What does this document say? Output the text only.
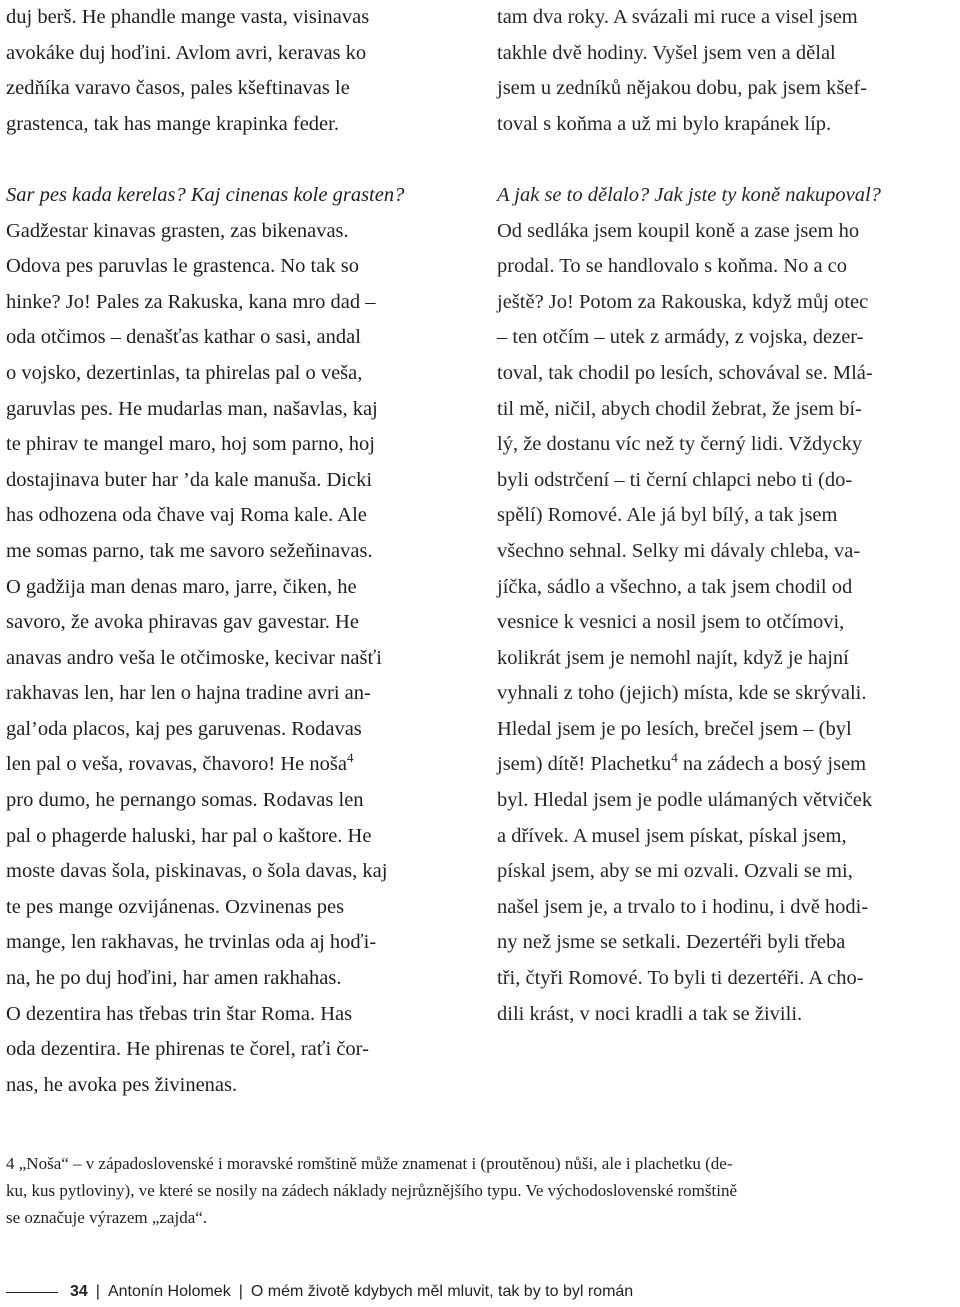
duj berš. He phandle mange vasta, visinavas

avokáke duj hoďini. Avlom avri, keravas ko

zedňíka varavo časos, pales kšeftinavas le

grastenca, tak has mange krapinka feder.

Sar pes kada kerelas? Kaj cinenas kole grasten?

Gadžestar kinavas grasten, zas bikenavas.

Odova pes paruvlas le grastenca. No tak so

hinke? Jo! Pales za Rakuska, kana mro dad –

oda otčimos – denašťas kathar o sasi, andal

o vojsko, dezertinlas, ta phirelas pal o veša,

garuvlas pes. He mudarlas man, našavlas, kaj

te phirav te mangel maro, hoj som parno, hoj

dostajinava buter har ’da kale manuša. Dicki

has odhozena oda čhave vaj Roma kale. Ale

me somas parno, tak me savoro sežeňinavas.

O gadžija man denas maro, jarre, čiken, he

savoro, že avoka phiravas gav gavestar. He

anavas andro veša le otčimoske, kecivar našťi

rakhavas len, har len o hajna tradine avri an-

gal’oda placos, kaj pes garuvenas. Rodavas

len pal o veša, rovavas, čhavoro! He noša$^4$

pro dumo, he pernango somas. Rodavas len

pal o phagerde haluski, har pal o kaštore. He

moste davas šola, piskinavas, o šola davas, kaj

te pes mange ozvijánenas. Ozvinenas pes

mange, len rakhavas, he trvinlas oda aj hoďi-

na, he po duj hoďini, har amen rakhahas.

O dezentira has třebas trin štar Roma. Has

oda dezentira. He phirenas te čorel, raťi čor-

nas, he avoka pes živinenas.

tam dva roky. A svázali mi ruce a visel jsem

takhle dvě hodiny. Vyšel jsem ven a dělal

jsem u zedníků nějakou dobu, pak jsem kšef-

toval s koňma a už mi bylo krapánek líp.

A jak se to dělalo? Jak jste ty koně nakupoval?

Od sedláka jsem koupil koně a zase jsem ho

prodal. To se handlovalo s koňma. No a co

ještě? Jo! Potom za Rakouska, když můj otec

– ten otčím – utek z armády, z vojska, dezer-

toval, tak chodil po lesích, schovával se. Mlá-

til mě, ničil, abych chodil žebrat, že jsem bí-

lý, že dostanu víc než ty černý lidi. Vždycky

byli odstrčení – ti černí chlapci nebo ti (do-

spělí) Romové. Ale já byl bílý, a tak jsem

všechno sehnal. Selky mi dávaly chleba, va-

jíčka, sádlo a všechno, a tak jsem chodil od

vesnice k vesnici a nosil jsem to otčímovi,

kolikrát jsem je nemohl najít, když je hajní

vyhnali z toho (jejich) místa, kde se skrývali.

Hledal jsem je po lesích, brečel jsem – (byl

jsem) dítě! Plachetku$^4$ na zádech a bosý jsem

byl. Hledal jsem je podle ulámaných větviček

a dřívek. A musel jsem pískat, pískal jsem,

pískal jsem, aby se mi ozvali. Ozvali se mi,

našel jsem je, a trvalo to i hodinu, i dvě hodi-

ny než jsme se setkali. Dezertéři byli třeba

tři, čtyři Romové. To byli ti dezertéři. A cho-

dili krást, v noci kradli a tak se živili.

4 „Noša“ – v západoslovenské i moravské romštině může znamenat i (proutěnou) nůši, ale i plachetku (de-

ku, kus pytloviny), ve které se nosily na zádech náklady nejrůznějšího typu. Ve východoslovenské romštině

se označuje výrazem „zajda“.

34 | Antonín Holomek | O mém životě kdybych měl mluvit, tak by to byl román
